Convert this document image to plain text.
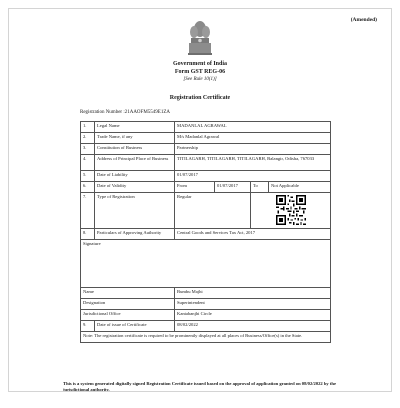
(Amended)
Government of India
Form GST REG-06
[See Rule 10(1)]
Registration Certificate
Registration Number :21AAOFM5549E1ZA
1.	Legal Name	MADANLAL AGRAWAL			
2.	Trade Name, if any	M/s Madanlal Agrawal			
3.	Constitution of Business	Partnership			
4.	Address of Principal Place of Business	TITILAGARH, TITILAGARH, TITILAGARH, Balangir, Odisha, 767033			
5.	Date of Liability	01/07/2017			
6.	Date of Validity	From	01/07/2017	To	Not Applicable
7.	Type of Registration	Regular	

8.	Particulars of Approving Authority	Central Goods and Services Tax Act, 2017			
Signature					
Name		Bumbu Majhi			
Designation		Superintendent			
Jurisdictional Office		Kantabanjhi Circle			
9.	Date of issue of Certificate	08/02/2022			
Note: The registration certificate is required to be prominently displayed at all places of Business/Office(s) in the State.					
This is a system generated digitally signed Registration Certificate issued based on the approval of application granted on 08/02/2022 by the jurisdictional authority.
